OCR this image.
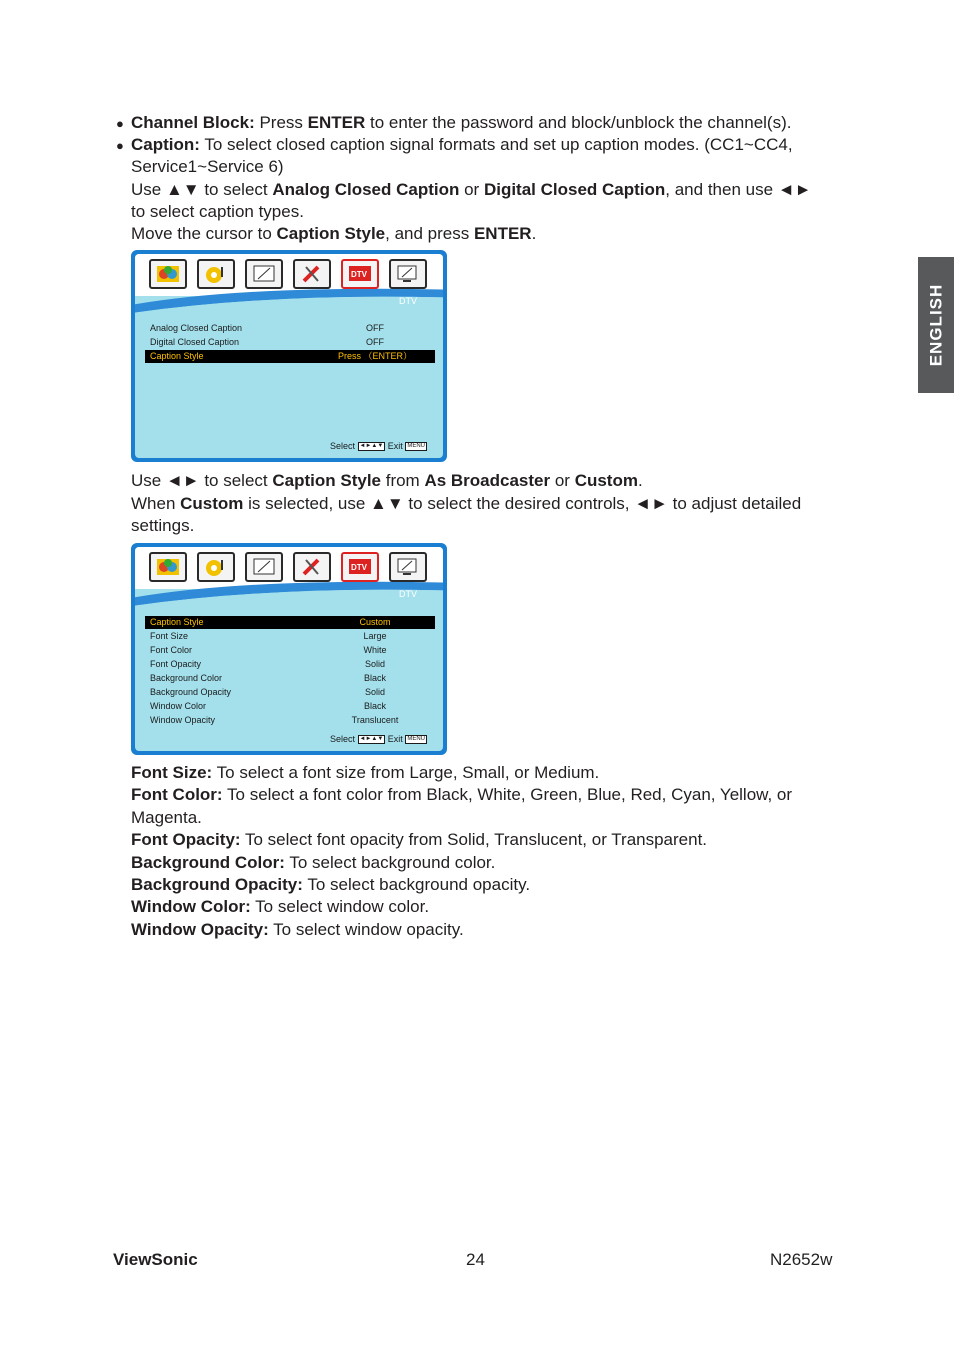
ENGLISH
● Channel Block: Press ENTER to enter the password and block/unblock the channel(s).
● Caption: To select closed caption signal formats and set up caption modes. (CC1~CC4,
Service1~Service 6)
Use ▲▼ to select Analog Closed Caption or Digital Closed Caption, and then use ◄►
to select caption types.
Move the cursor to Caption Style, and press ENTER.
DTV
DTV
Analog Closed Caption	OFF
Digital Closed Caption	OFF
Caption Style	Press （ENTER）
Select ◄►▲▼ Exit MENU
Use ◄► to select Caption Style from As Broadcaster or Custom.
When Custom is selected, use ▲▼ to select the desired controls, ◄► to adjust detailed
settings.
DTV
DTV
Caption Style	Custom
Font Size	Large
Font Color	White
Font Opacity	Solid
Background Color	Black
Background Opacity	Solid
Window Color	Black
Window Opacity	Translucent
Select ◄►▲▼ Exit MENU
Font Size: To select a font size from Large, Small, or Medium.
Font Color: To select a font color from Black, White, Green, Blue, Red, Cyan, Yellow, or
Magenta.
Font Opacity: To select font opacity from Solid, Translucent, or Transparent.
Background Color: To select background color.
Background Opacity: To select background opacity.
Window Color: To select window color.
Window Opacity: To select window opacity.
ViewSonic	24	N2652w
